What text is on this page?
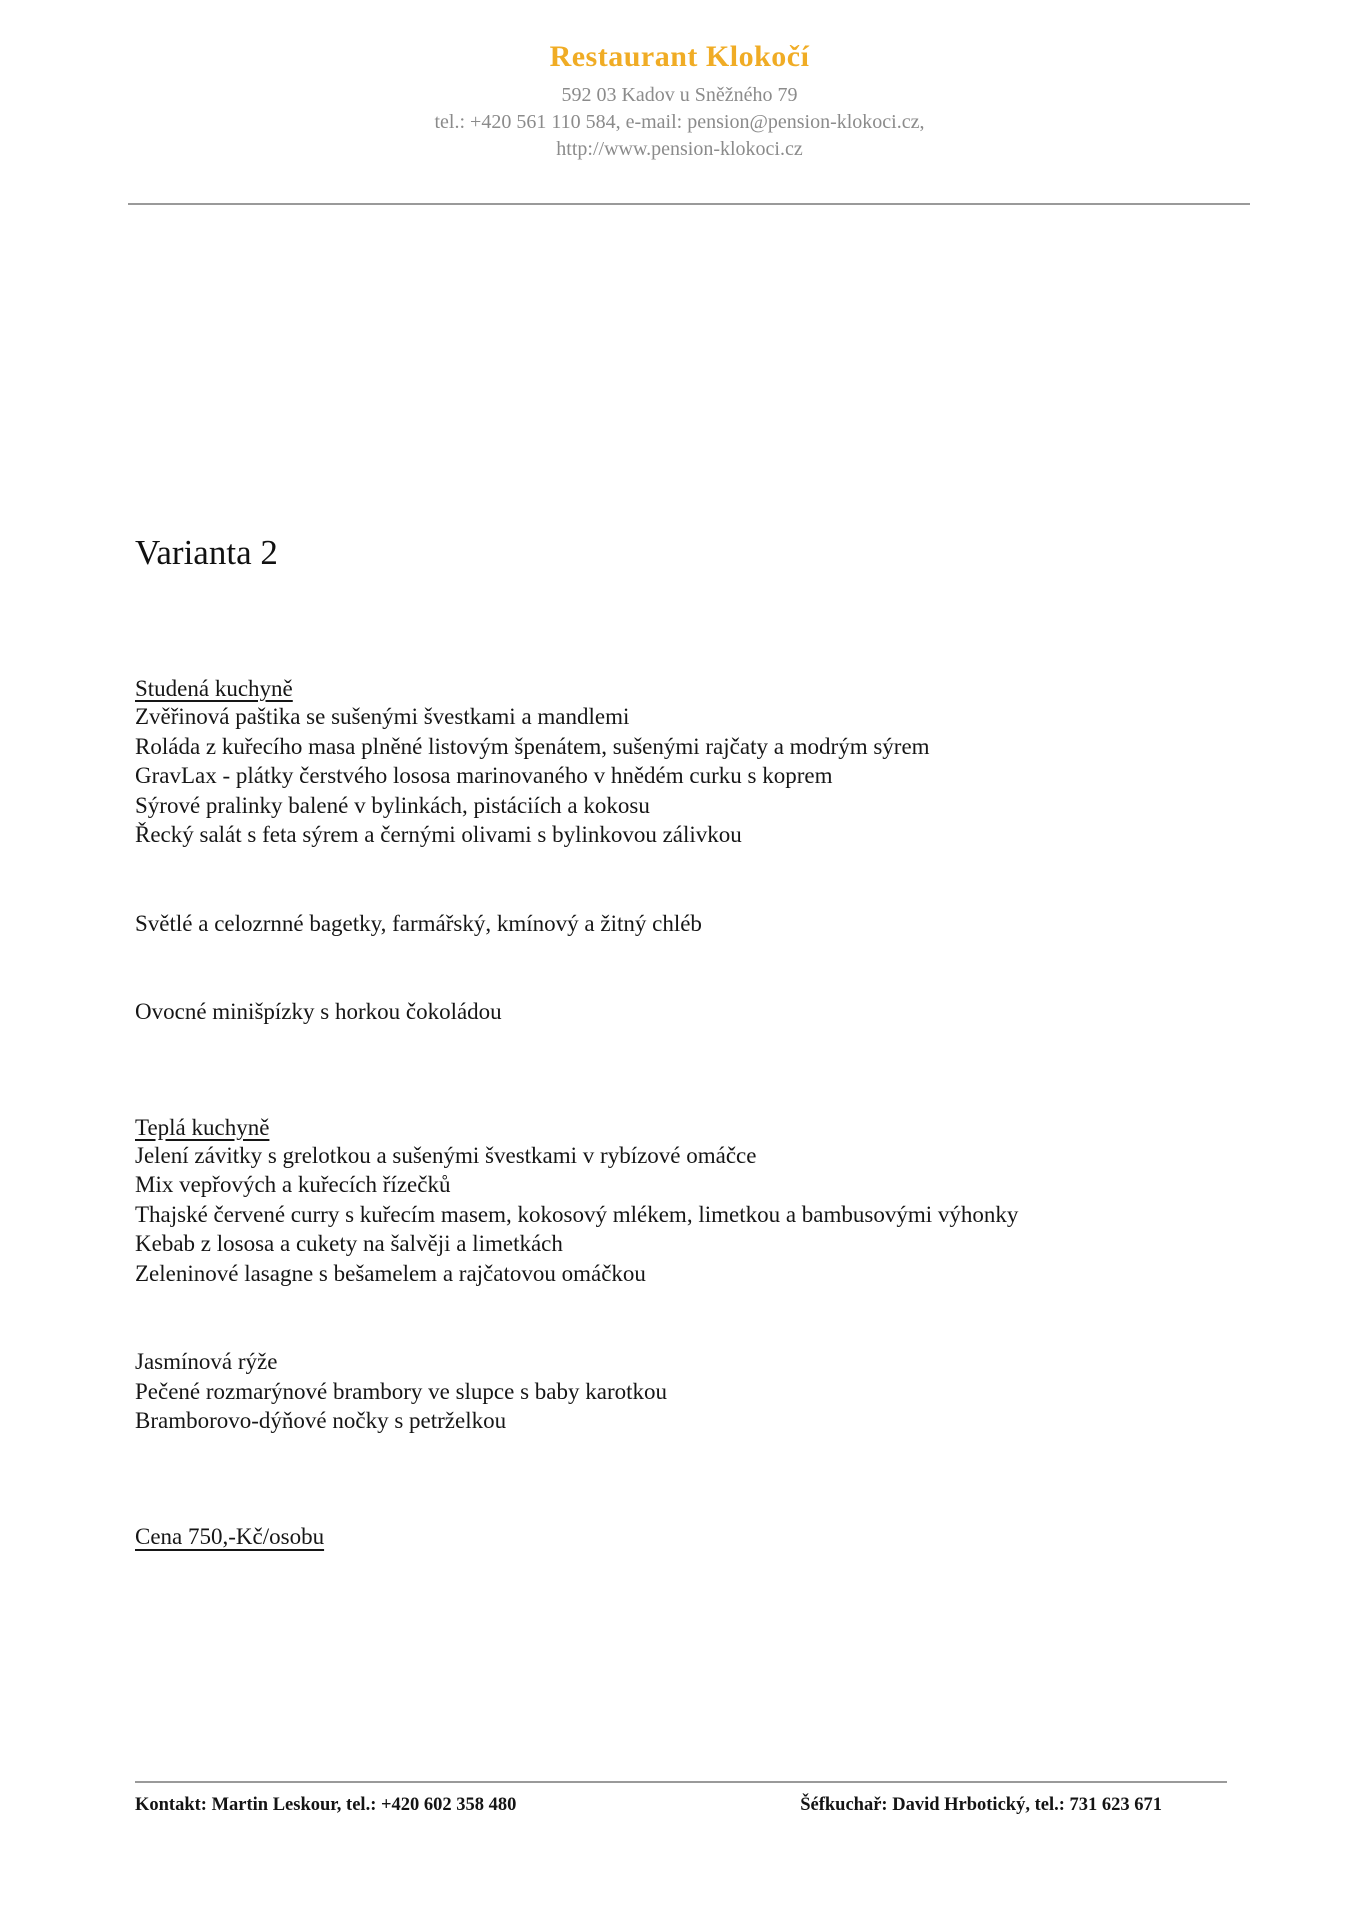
Restaurant Klokočí
592 03 Kadov u Sněžného 79
tel.: +420 561 110 584, e-mail: pension@pension-klokoci.cz,
http://www.pension-klokoci.cz
Varianta 2
Studená kuchyně
Zvěřinová paštika se sušenými švestkami a mandlemi
Roláda z kuřecího masa plněné listovým špenátem, sušenými rajčaty a modrým sýrem
GravLax - plátky čerstvého lososa marinovaného v hnědém curku s koprem
Sýrové pralinky balené v bylinkách, pistáciích a kokosu
Řecký salát s feta sýrem a černými olivami s bylinkovou zálivkou
Světlé a celozrnné bagetky, farmářský, kmínový a žitný chléb
Ovocné minišpízky s horkou čokoládou
Teplá kuchyně
Jelení závitky s grelotkou a sušenými švestkami v rybízové omáčce
Mix vepřových a kuřecích řízečků
Thajské červené curry s kuřecím masem, kokosový mlékem, limetkou a bambusovými výhonky
Kebab z lososa a cukety na šalvěji a limetkách
Zeleninové lasagne s bešamelem a rajčatovou omáčkou
Jasmínová rýže
Pečené rozmarýnové brambory ve slupce s baby karotkou
Bramborovo-dýňové nočky s petrželkou
Cena 750,-Kč/osobu
Kontakt: Martin Leskour, tel.: +420 602 358 480	Šéfkuchař: David Hrbotický, tel.: 731 623 671
